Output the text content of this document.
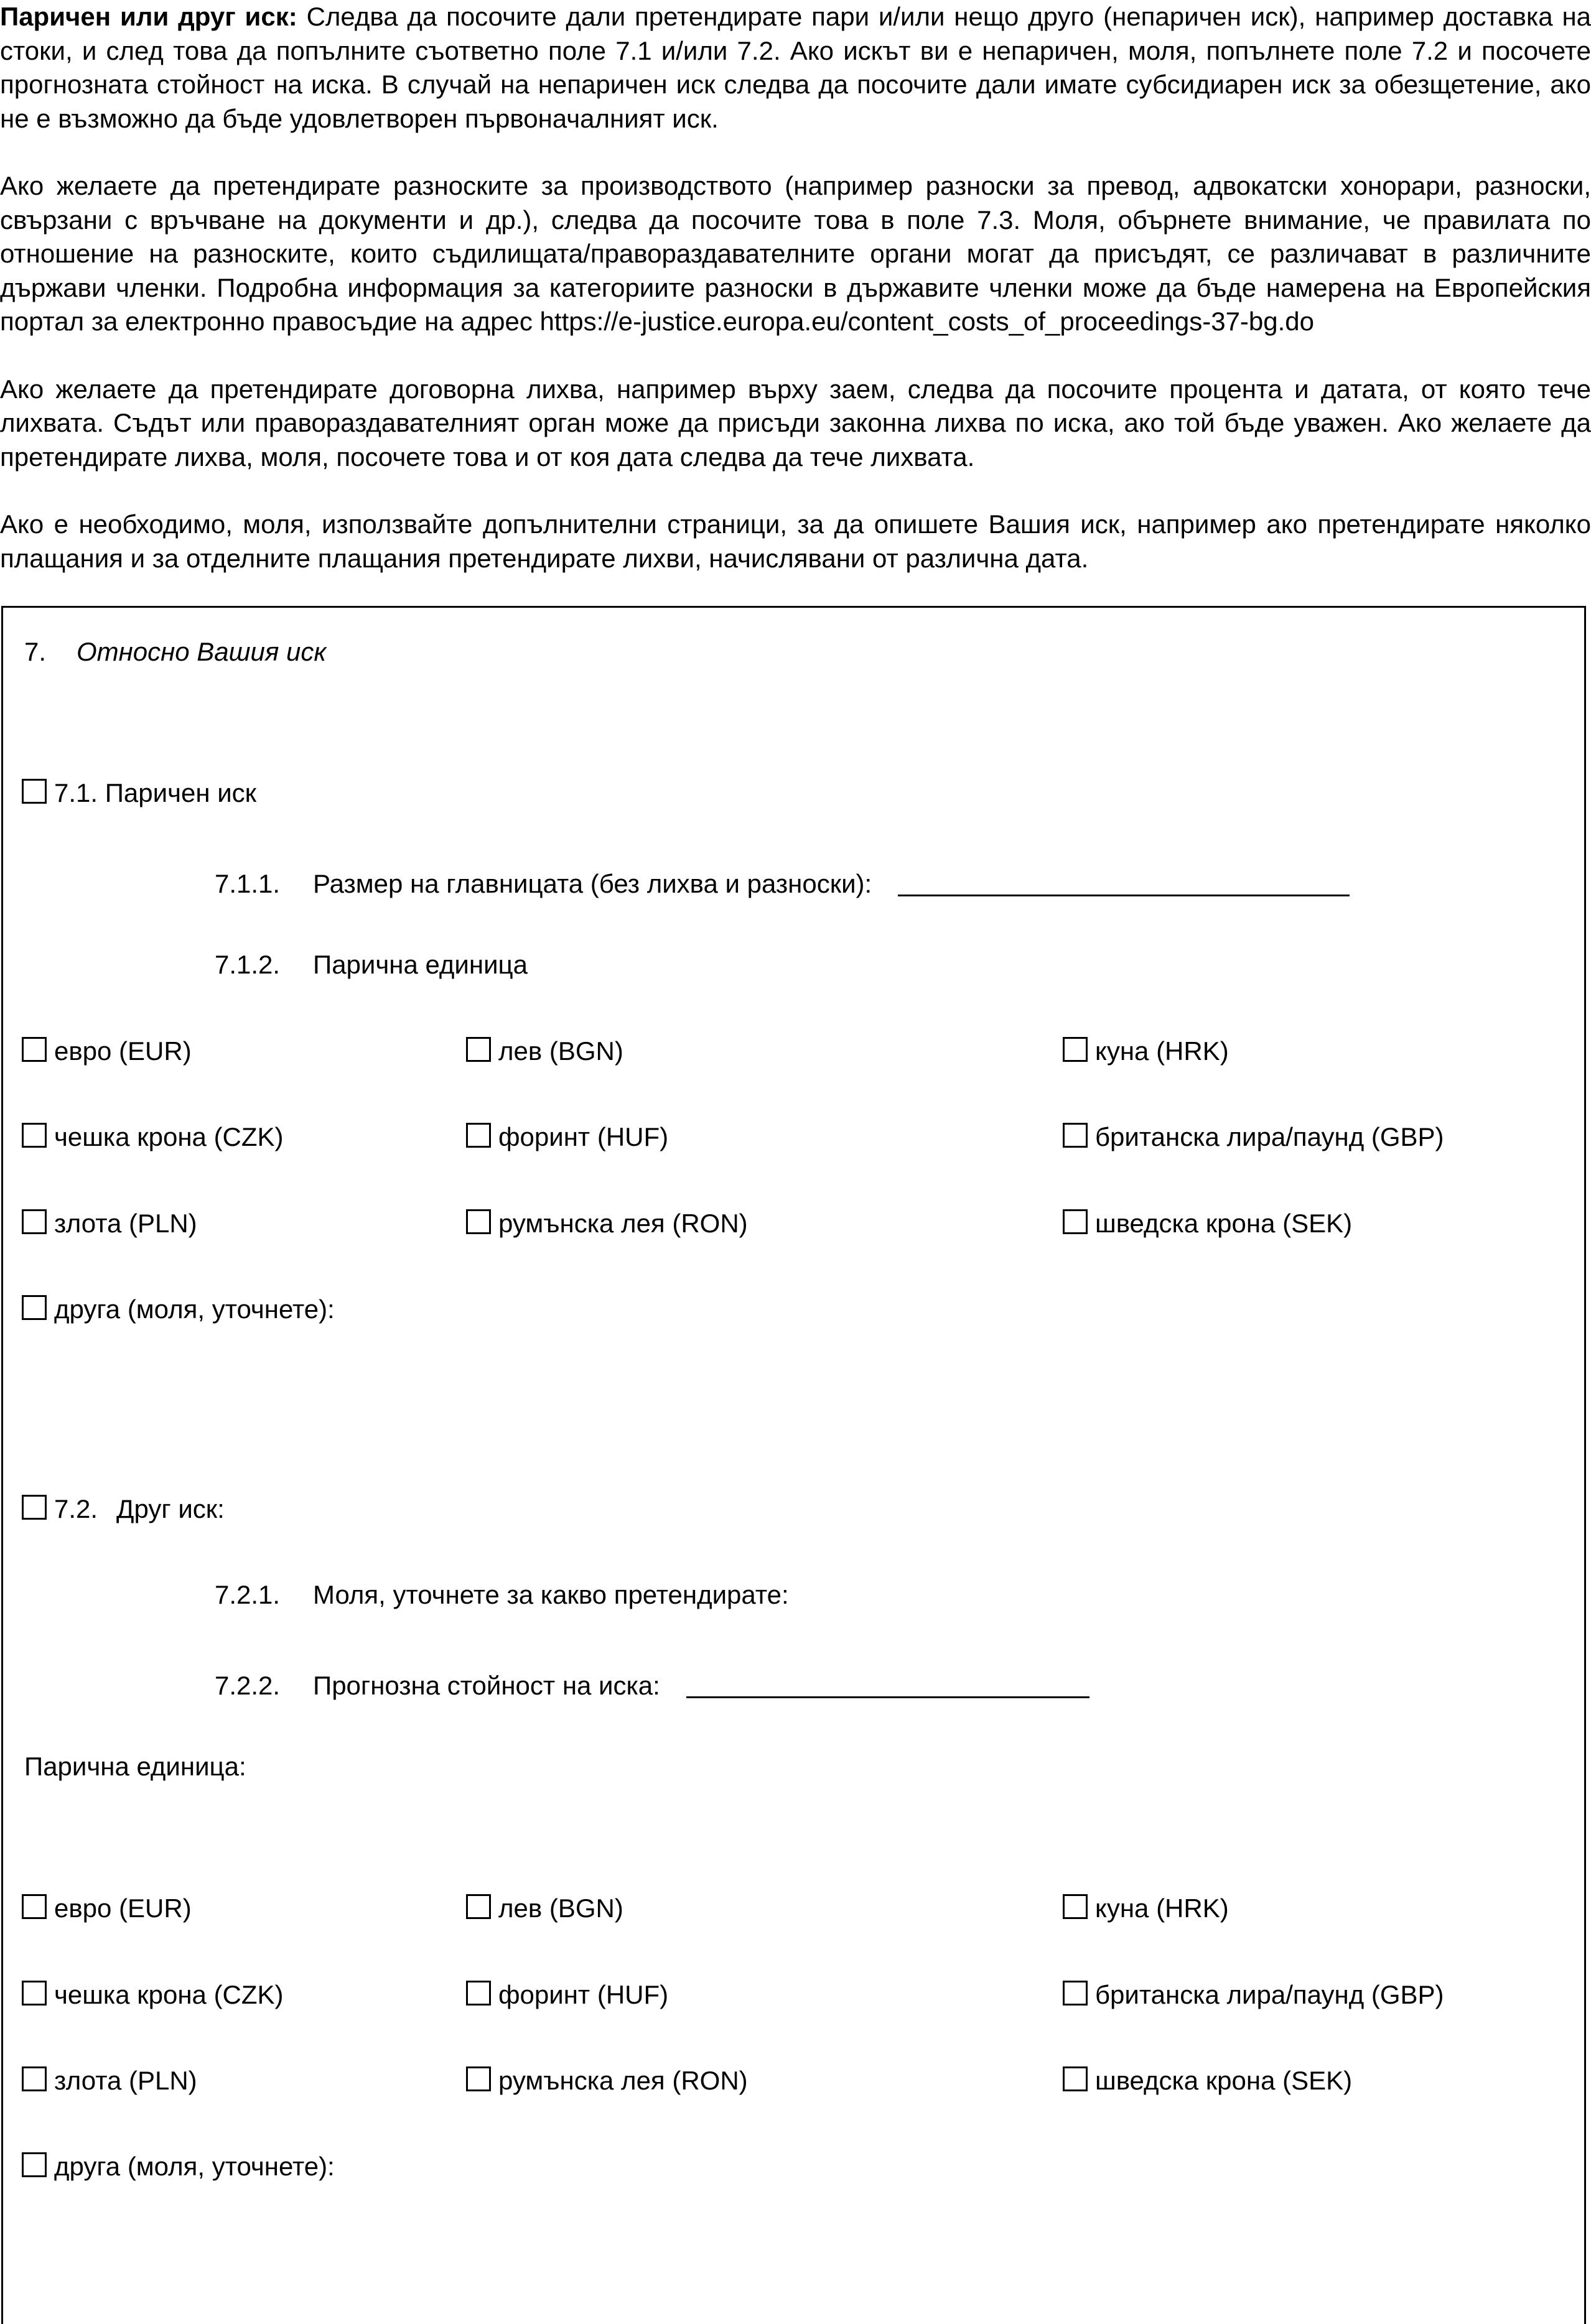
Паричен или друг иск: Следва да посочите дали претендирате пари и/или нещо друго (непаричен иск), например доставка на стоки, и след това да попълните съответно поле 7.1 и/или 7.2. Ако искът ви е непаричен, моля, попълнете поле 7.2 и посочете прогнозната стойност на иска. В случай на непаричен иск следва да посочите дали имате субсидиарен иск за обезщетение, ако не е възможно да бъде удовлетворен първоначалният иск.

Ако желаете да претендирате разноските за производството (например разноски за превод, адвокатски хонорари, разноски, свързани с връчване на документи и др.), следва да посочите това в поле 7.3. Моля, обърнете внимание, че правилата по отношение на разноските, които съдилищата/правораздавателните органи могат да присъдят, се различават в различните държави членки. Подробна информация за категориите разноски в държавите членки може да бъде намерена на Европейския портал за електронно правосъдие на адрес https://e-justice.europa.eu/content_costs_of_proceedings-37-bg.do

Ако желаете да претендирате договорна лихва, например върху заем, следва да посочите процента и датата, от която тече лихвата. Съдът или правораздавателният орган може да присъди законна лихва по иска, ако той бъде уважен. Ако желаете да претендирате лихва, моля, посочете това и от коя дата следва да тече лихвата.

Ако е необходимо, моля, използвайте допълнителни страници, за да опишете Вашия иск, например ако претендирате няколко плащания и за отделните плащания претендирате лихви, начислявани от различна дата.

7. Относно Вашия иск
7.1. Паричен иск
7.1.1. Размер на главницата (без лихва и разноски):
7.1.2. Парична единица
евро (EUR)	лев (BGN)	куна (HRK)
чешка крона (CZK)	форинт (HUF)	британска лира/паунд (GBP)
злота (PLN)	румънска лея (RON)	шведска крона (SEK)
друга (моля, уточнете):
7.2. Друг иск:
7.2.1. Моля, уточнете за какво претендирате:
7.2.2. Прогнозна стойност на иска:
Парична единица:
евро (EUR)	лев (BGN)	куна (HRK)
чешка крона (CZK)	форинт (HUF)	британска лира/паунд (GBP)
злота (PLN)	румънска лея (RON)	шведска крона (SEK)
друга (моля, уточнете):
